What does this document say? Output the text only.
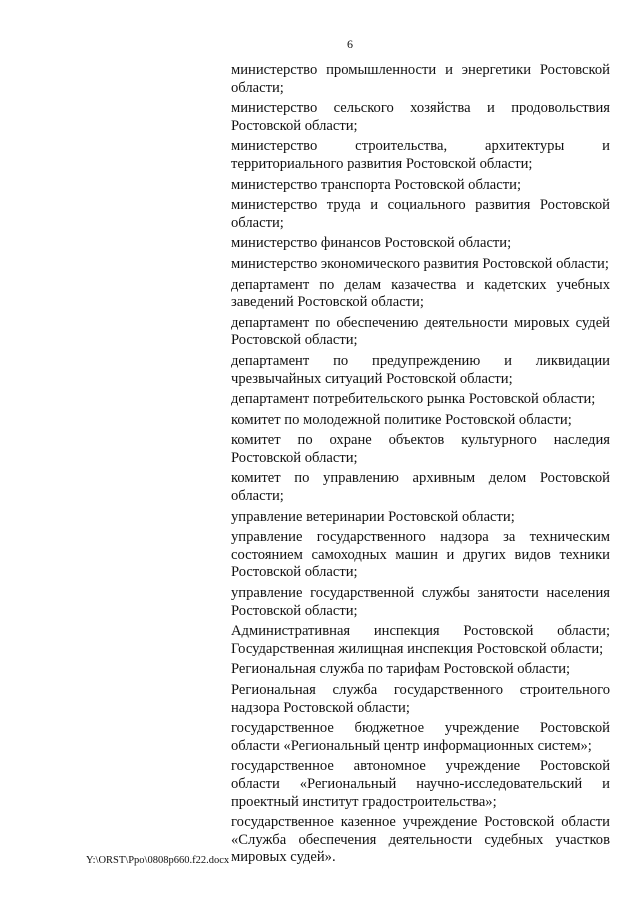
6

министерство промышленности и энергетики Ростовской области;

министерство сельского хозяйства и продовольствия Ростовской области;

министерство строительства, архитектуры и территориального развития Ростовской области;

министерство транспорта Ростовской области;

министерство труда и социального развития Ростовской области;

министерство финансов Ростовской области;

министерство экономического развития Ростовской области;

департамент по делам казачества и кадетских учебных заведений Ростовской области;

департамент по обеспечению деятельности мировых судей Ростовской области;

департамент по предупреждению и ликвидации чрезвычайных ситуаций Ростовской области;

департамент потребительского рынка Ростовской области;

комитет по молодежной политике Ростовской области;

комитет по охране объектов культурного наследия Ростовской области;

комитет по управлению архивным делом Ростовской области;

управление ветеринарии Ростовской области;

управление государственного надзора за техническим состоянием самоходных машин и других видов техники Ростовской области;

управление государственной службы занятости населения Ростовской области;

Административная инспекция Ростовской области; Государственная жилищная инспекция Ростовской области;

Региональная служба по тарифам Ростовской области;

Региональная служба государственного строительного надзора Ростовской области;

государственное бюджетное учреждение Ростовской области «Региональный центр информационных систем»;

государственное автономное учреждение Ростовской области «Региональный научно-исследовательский и проектный институт градостроительства»;

государственное казенное учреждение Ростовской области «Служба обеспечения деятельности судебных участков мировых судей».

Y:\ORST\Ppo\0808p660.f22.docx
